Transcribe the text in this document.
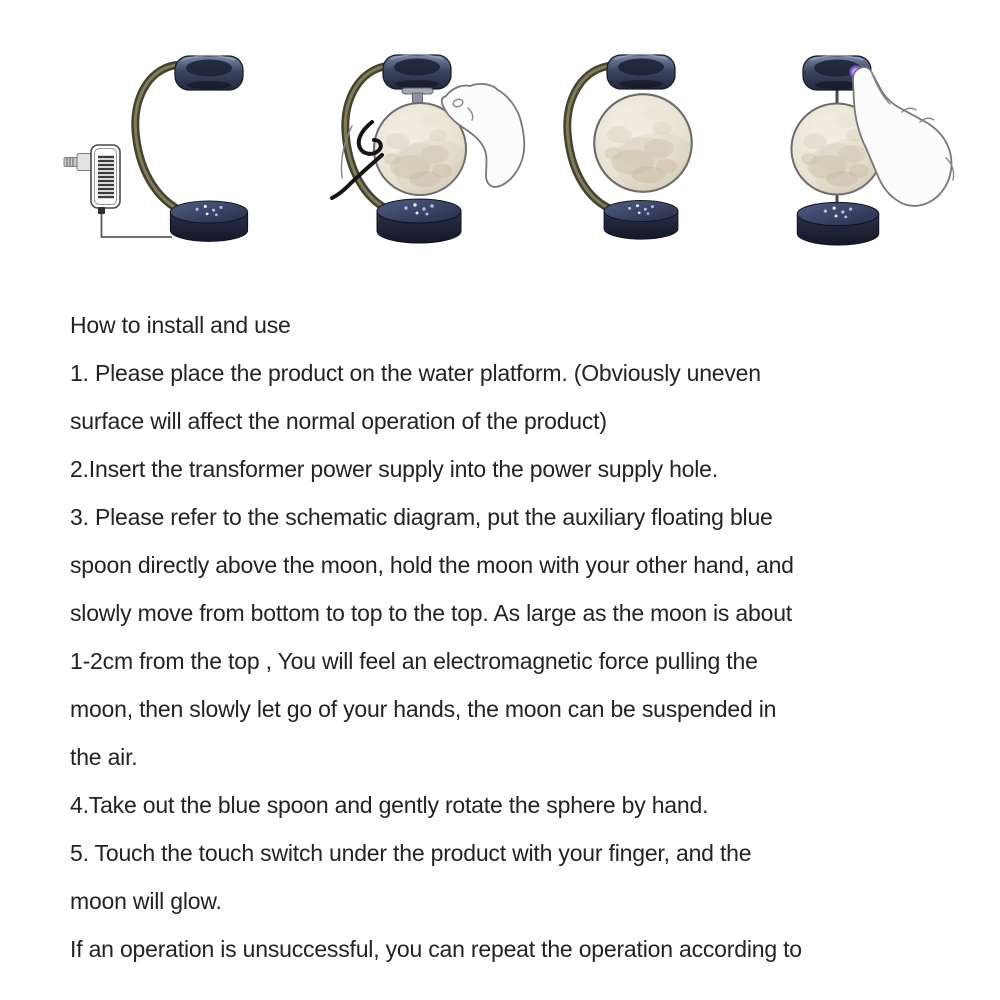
How to install and use
1. Please place the product on the water platform. (Obviously uneven
surface will affect the normal operation of the product)
2.Insert the transformer power supply into the power supply hole.
3. Please refer to the schematic diagram, put the auxiliary floating blue
spoon directly above the moon, hold the moon with your other hand, and
slowly move from bottom to top to the top. As large as the moon is about
1-2cm from the top , You will feel an electromagnetic force pulling the
moon, then slowly let go of your hands, the moon can be suspended in
the air.
4.Take out the blue spoon and gently rotate the sphere by hand.
5. Touch the touch switch under the product with your finger, and the
moon will glow.
If an operation is unsuccessful, you can repeat the operation according to
